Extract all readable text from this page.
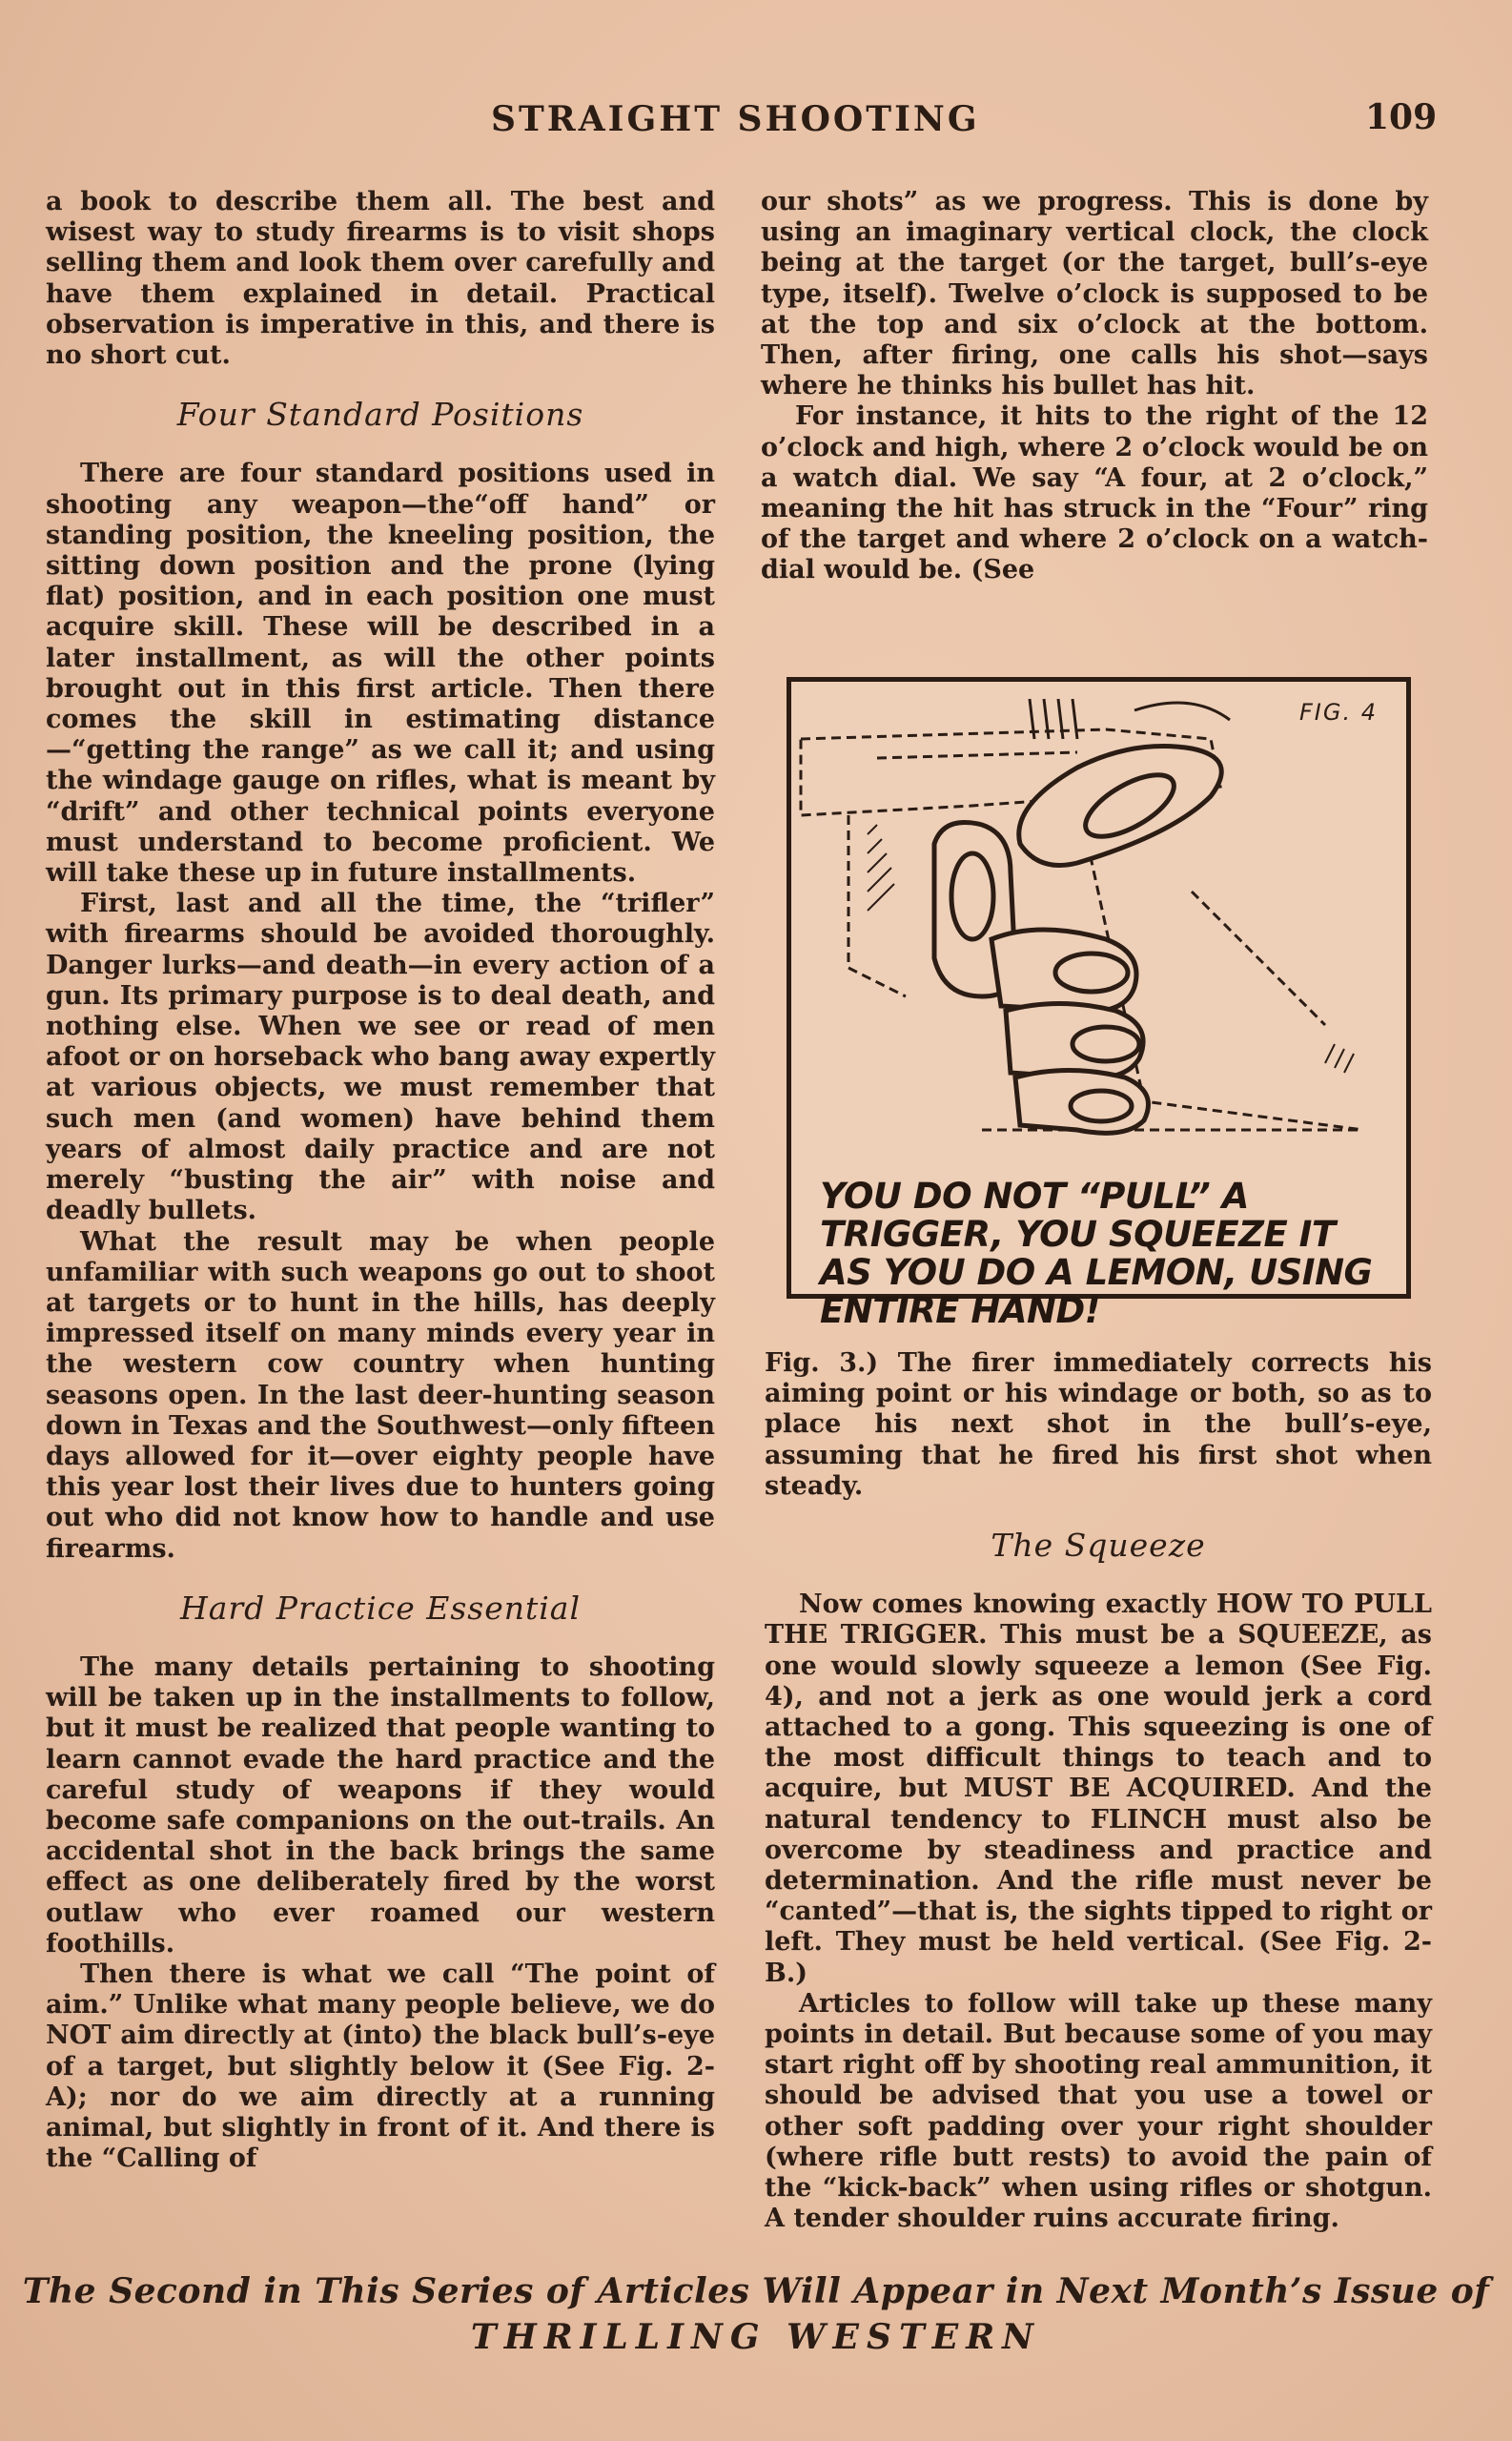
STRAIGHT SHOOTING	109

a book to describe them all. The best and wisest way to study firearms is to visit shops selling them and look them over carefully and have them explained in detail. Practical observation is imperative in this, and there is no short cut.

Four Standard Positions

There are four standard positions used in shooting any weapon—the“off hand” or standing position, the kneeling position, the sitting down position and the prone (lying flat) position, and in each position one must acquire skill. These will be described in a later installment, as will the other points brought out in this first article. Then there comes the skill in estimating distance—“getting the range” as we call it; and using the windage gauge on rifles, what is meant by “drift” and other technical points everyone must understand to become proficient. We will take these up in future installments.

First, last and all the time, the “trifler” with firearms should be avoided thoroughly. Danger lurks—and death—in every action of a gun. Its primary purpose is to deal death, and nothing else. When we see or read of men afoot or on horseback who bang away expertly at various objects, we must remember that such men (and women) have behind them years of almost daily practice and are not merely “busting the air” with noise and deadly bullets.

What the result may be when people unfamiliar with such weapons go out to shoot at targets or to hunt in the hills, has deeply impressed itself on many minds every year in the western cow country when hunting seasons open. In the last deer-hunting season down in Texas and the Southwest—only fifteen days allowed for it—over eighty people have this year lost their lives due to hunters going out who did not know how to handle and use firearms.

Hard Practice Essential

The many details pertaining to shooting will be taken up in the installments to follow, but it must be realized that people wanting to learn cannot evade the hard practice and the careful study of weapons if they would become safe companions on the out-trails. An accidental shot in the back brings the same effect as one deliberately fired by the worst outlaw who ever roamed our western foothills.

Then there is what we call “The point of aim.” Unlike what many people believe, we do NOT aim directly at (into) the black bull’s-eye of a target, but slightly below it (See Fig. 2-A); nor do we aim directly at a running animal, but slightly in front of it. And there is the “Calling of

our shots” as we progress. This is done by using an imaginary vertical clock, the clock being at the target (or the target, bull’s-eye type, itself). Twelve o’clock is supposed to be at the top and six o’clock at the bottom. Then, after firing, one calls his shot—says where he thinks his bullet has hit.

For instance, it hits to the right of the 12 o’clock and high, where 2 o’clock would be on a watch dial. We say “A four, at 2 o’clock,” meaning the hit has struck in the “Four” ring of the target and where 2 o’clock on a watch-dial would be. (See

FIG. 4
YOU DO NOT “PULL” A TRIGGER, YOU SQUEEZE IT AS YOU DO A LEMON, USING ENTIRE HAND!

Fig. 3.) The firer immediately corrects his aiming point or his windage or both, so as to place his next shot in the bull’s-eye, assuming that he fired his first shot when steady.

The Squeeze

Now comes knowing exactly HOW TO PULL THE TRIGGER. This must be a SQUEEZE, as one would slowly squeeze a lemon (See Fig. 4), and not a jerk as one would jerk a cord attached to a gong. This squeezing is one of the most difficult things to teach and to acquire, but MUST BE ACQUIRED. And the natural tendency to FLINCH must also be overcome by steadiness and practice and determination. And the rifle must never be “canted”—that is, the sights tipped to right or left. They must be held vertical. (See Fig. 2-B.)

Articles to follow will take up these many points in detail. But because some of you may start right off by shooting real ammunition, it should be advised that you use a towel or other soft padding over your right shoulder (where rifle butt rests) to avoid the pain of the “kick-back” when using rifles or shotgun. A tender shoulder ruins accurate firing.

The Second in This Series of Articles Will Appear in Next Month’s Issue of
THRILLING WESTERN
